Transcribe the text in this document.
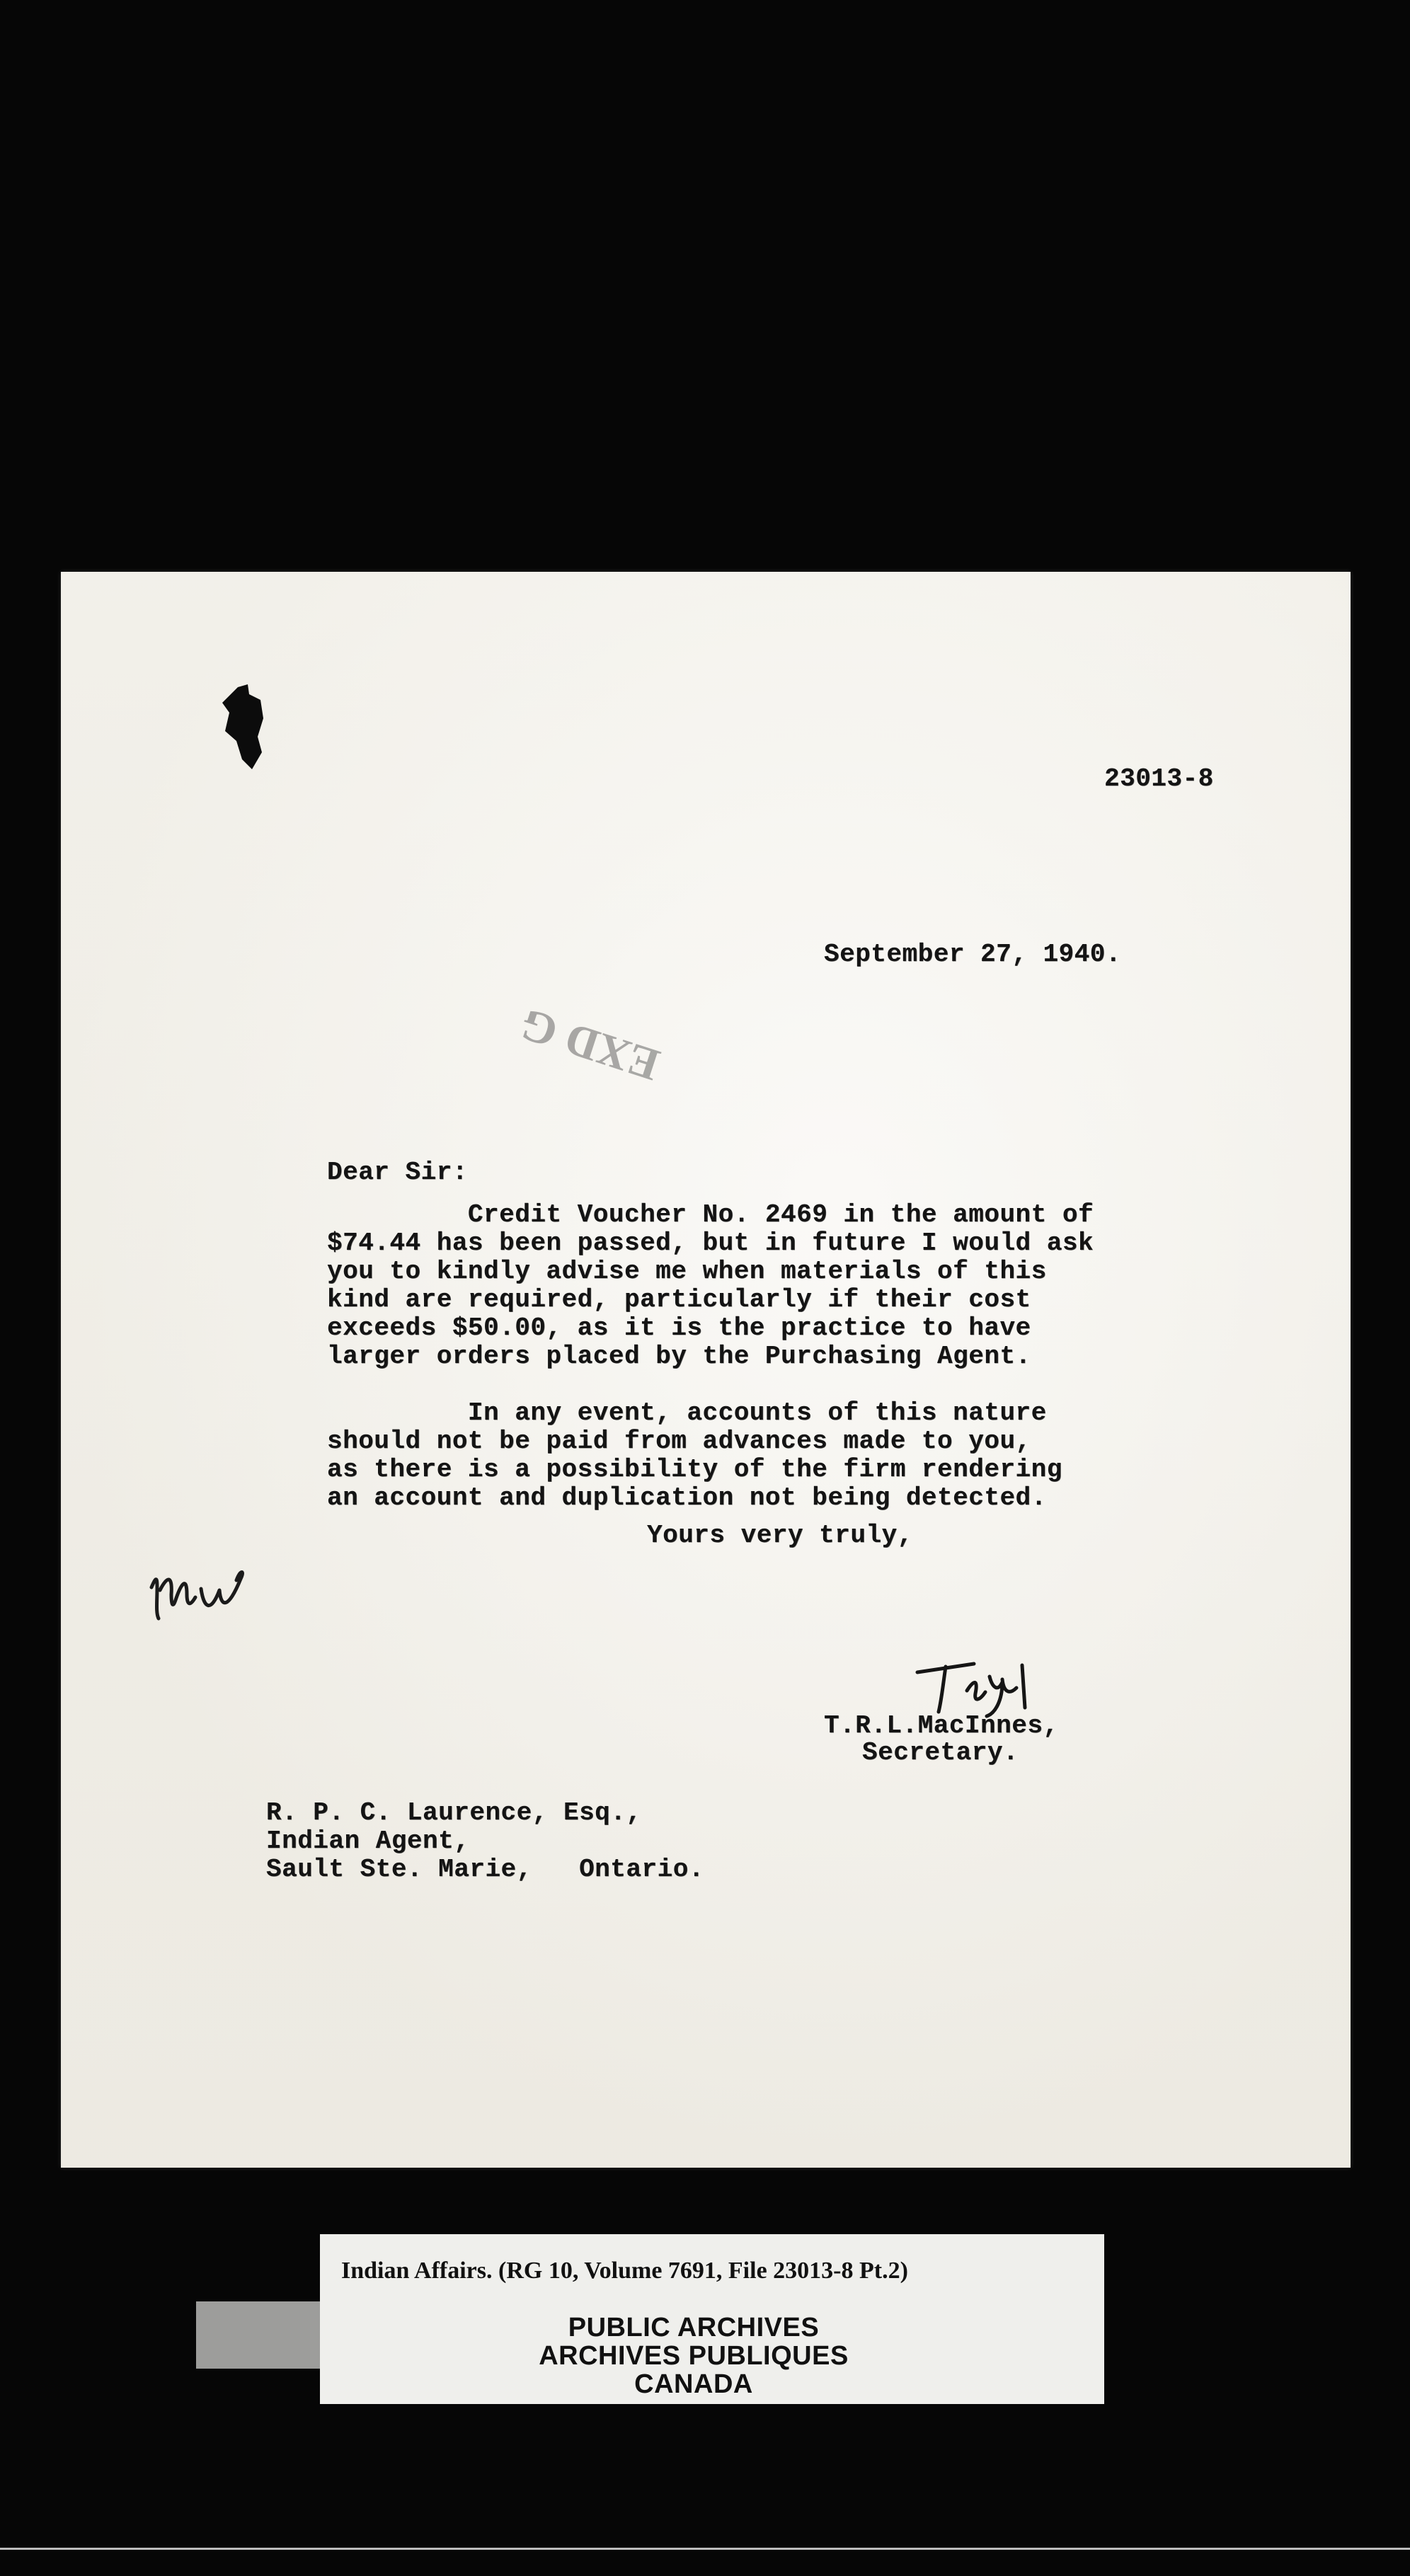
23013-8
September 27, 1940.
EXD G
Dear Sir:
Credit Voucher No. 2469 in the amount of
$74.44 has been passed, but in future I would ask
you to kindly advise me when materials of this
kind are required, particularly if their cost
exceeds $50.00, as it is the practice to have
larger orders placed by the Purchasing Agent.
In any event, accounts of this nature
should not be paid from advances made to you,
as there is a possibility of the firm rendering
an account and duplication not being detected.
Yours very truly,
T.R.L.MacInnes,
Secretary.
R. P. C. Laurence, Esq.,
Indian Agent,
Sault Ste. Marie,   Ontario.
Indian Affairs. (RG 10, Volume 7691, File 23013-8 Pt.2)
PUBLIC ARCHIVES
ARCHIVES PUBLIQUES
CANADA
